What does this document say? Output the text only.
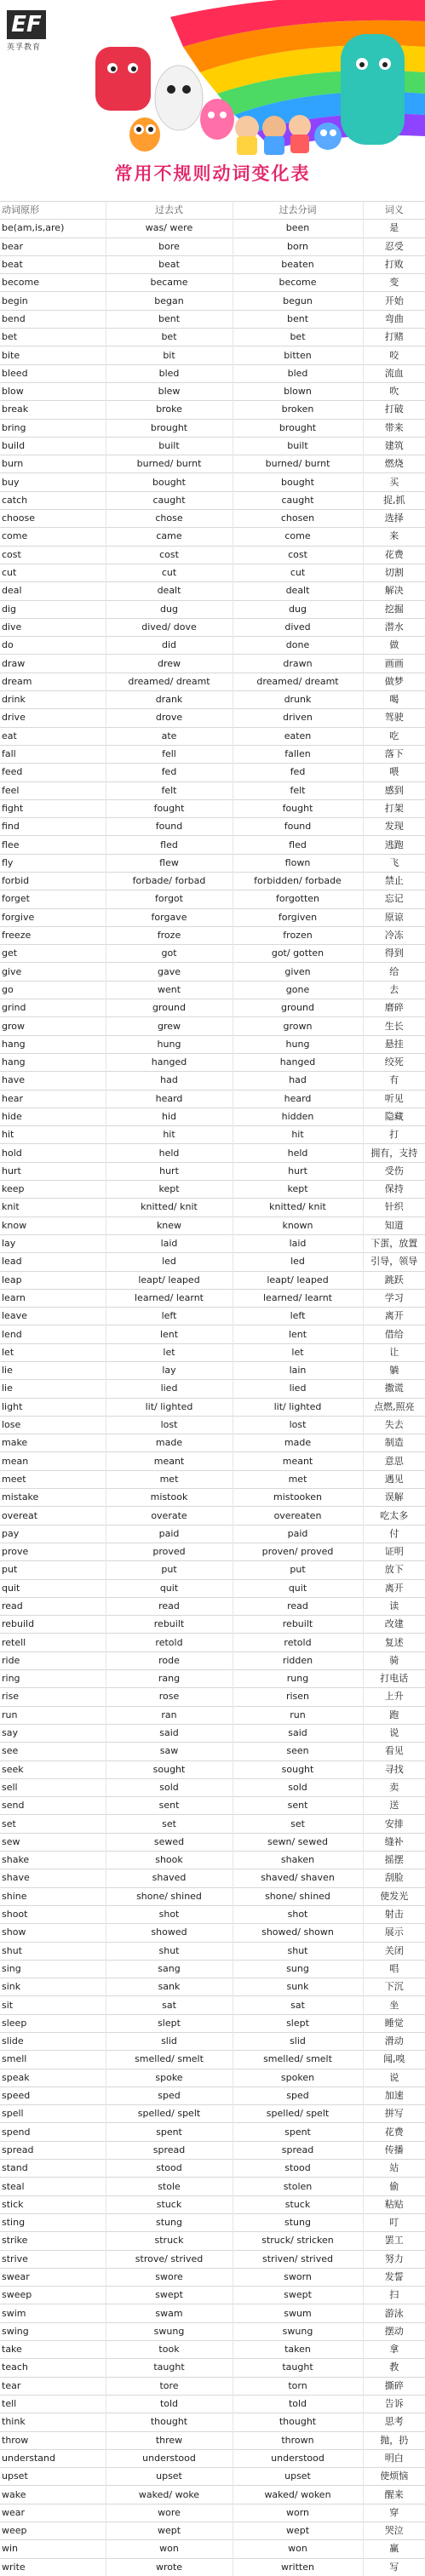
EF
英孚教育
常用不规则动词变化表
动词原形	过去式	过去分词	词义
be(am,is,are)	was/ were	been	是
bear	bore	born	忍受
beat	beat	beaten	打败
become	became	become	变
begin	began	begun	开始
bend	bent	bent	弯曲
bet	bet	bet	打赌
bite	bit	bitten	咬
bleed	bled	bled	流血
blow	blew	blown	吹
break	broke	broken	打破
bring	brought	brought	带来
build	built	built	建筑
burn	burned/ burnt	burned/ burnt	燃烧
buy	bought	bought	买
catch	caught	caught	捉,抓
choose	chose	chosen	选择
come	came	come	来
cost	cost	cost	花费
cut	cut	cut	切割
deal	dealt	dealt	解决
dig	dug	dug	挖掘
dive	dived/ dove	dived	潜水
do	did	done	做
draw	drew	drawn	画画
dream	dreamed/ dreamt	dreamed/ dreamt	做梦
drink	drank	drunk	喝
drive	drove	driven	驾驶
eat	ate	eaten	吃
fall	fell	fallen	落下
feed	fed	fed	喂
feel	felt	felt	感到
fight	fought	fought	打架
find	found	found	发现
flee	fled	fled	逃跑
fly	flew	flown	飞
forbid	forbade/ forbad	forbidden/ forbade	禁止
forget	forgot	forgotten	忘记
forgive	forgave	forgiven	原谅
freeze	froze	frozen	冷冻
get	got	got/ gotten	得到
give	gave	given	给
go	went	gone	去
grind	ground	ground	磨碎
grow	grew	grown	生长
hang	hung	hung	悬挂
hang	hanged	hanged	绞死
have	had	had	有
hear	heard	heard	听见
hide	hid	hidden	隐藏
hit	hit	hit	打
hold	held	held	拥有，支持
hurt	hurt	hurt	受伤
keep	kept	kept	保持
knit	knitted/ knit	knitted/ knit	针织
know	knew	known	知道
lay	laid	laid	下蛋，放置
lead	led	led	引导，领导
leap	leapt/ leaped	leapt/ leaped	跳跃
learn	learned/ learnt	learned/ learnt	学习
leave	left	left	离开
lend	lent	lent	借给
let	let	let	让
lie	lay	lain	躺
lie	lied	lied	撒谎
light	lit/ lighted	lit/ lighted	点燃,照亮
lose	lost	lost	失去
make	made	made	制造
mean	meant	meant	意思
meet	met	met	遇见
mistake	mistook	mistooken	误解
overeat	overate	overeaten	吃太多
pay	paid	paid	付
prove	proved	proven/ proved	证明
put	put	put	放下
quit	quit	quit	离开
read	read	read	读
rebuild	rebuilt	rebuilt	改建
retell	retold	retold	复述
ride	rode	ridden	骑
ring	rang	rung	打电话
rise	rose	risen	上升
run	ran	run	跑
say	said	said	说
see	saw	seen	看见
seek	sought	sought	寻找
sell	sold	sold	卖
send	sent	sent	送
set	set	set	安排
sew	sewed	sewn/ sewed	缝补
shake	shook	shaken	摇摆
shave	shaved	shaved/ shaven	刮脸
shine	shone/ shined	shone/ shined	使发光
shoot	shot	shot	射击
show	showed	showed/ shown	展示
shut	shut	shut	关闭
sing	sang	sung	唱
sink	sank	sunk	下沉
sit	sat	sat	坐
sleep	slept	slept	睡觉
slide	slid	slid	滑动
smell	smelled/ smelt	smelled/ smelt	闻,嗅
speak	spoke	spoken	说
speed	sped	sped	加速
spell	spelled/ spelt	spelled/ spelt	拼写
spend	spent	spent	花费
spread	spread	spread	传播
stand	stood	stood	站
steal	stole	stolen	偷
stick	stuck	stuck	粘贴
sting	stung	stung	叮
strike	struck	struck/ stricken	罢工
strive	strove/ strived	striven/ strived	努力
swear	swore	sworn	发誓
sweep	swept	swept	扫
swim	swam	swum	游泳
swing	swung	swung	摆动
take	took	taken	拿
teach	taught	taught	教
tear	tore	torn	撕碎
tell	told	told	告诉
think	thought	thought	思考
throw	threw	thrown	抛，扔
understand	understood	understood	明白
upset	upset	upset	使烦恼
wake	waked/ woke	waked/ woken	醒来
wear	wore	worn	穿
weep	wept	wept	哭泣
win	won	won	赢
write	wrote	written	写
